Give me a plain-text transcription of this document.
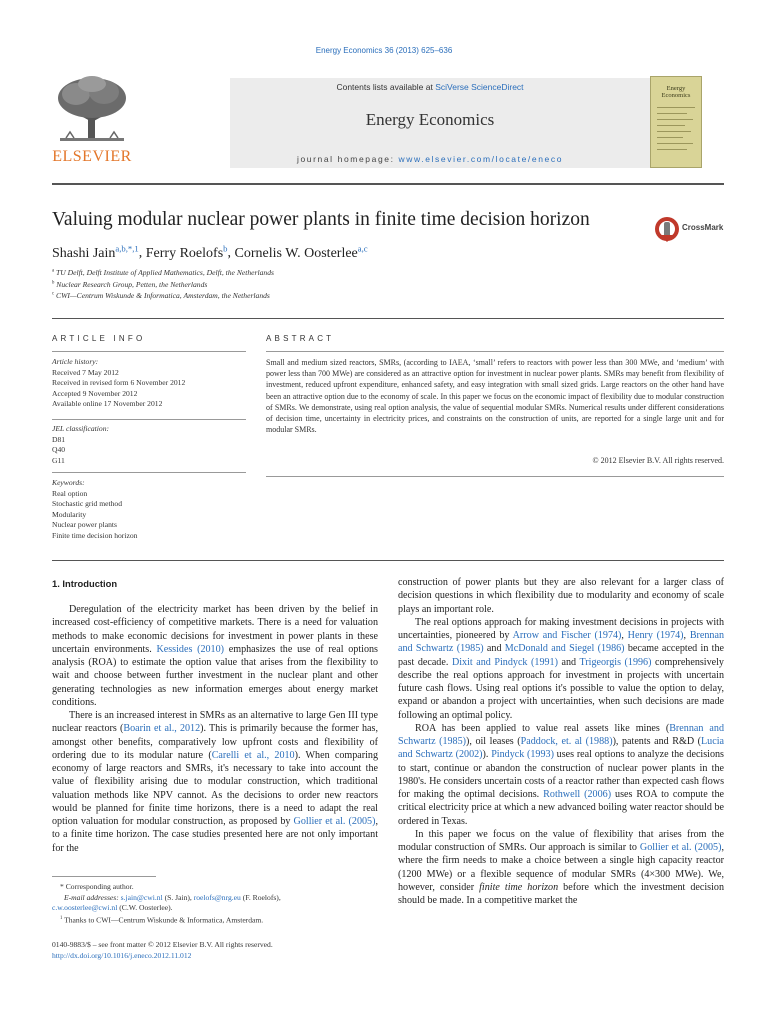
Energy Economics 36 (2013) 625–636
ELSEVIER
Contents lists available at SciVerse ScienceDirect
Energy Economics
journal homepage: www.elsevier.com/locate/eneco
Energy Economics
Valuing modular nuclear power plants in finite time decision horizon	CrossMark
Shashi Jain$^{a,b,*,1}$, Ferry Roelofs$^b$, Cornelis W. Oosterlee$^{a,c}$
$^a$ TU Delft, Delft Institute of Applied Mathematics, Delft, the Netherlands
$^b$ Nuclear Research Group, Petten, the Netherlands
$^c$ CWI—Centrum Wiskunde & Informatica, Amsterdam, the Netherlands
ARTICLE INFO
Article history:
Received 7 May 2012
Received in revised form 6 November 2012
Accepted 9 November 2012
Available online 17 November 2012
JEL classification:
D81
Q40
G11
Keywords:
Real option
Stochastic grid method
Modularity
Nuclear power plants
Finite time decision horizon
ABSTRACT
Small and medium sized reactors, SMRs, (according to IAEA, ‘small’ refers to reactors with power less than 300 MWe, and ‘medium’ with power less than 700 MWe) are considered as an attractive option for investment in nuclear power plants. SMRs may benefit from flexibility of investment, reduced upfront expenditure, enhanced safety, and easy integration with small sized grids. Large reactors on the other hand have been an attractive option due to the economy of scale. In this paper we focus on the economic impact of flexibility due to modular construction of SMRs. We demonstrate, using real option analysis, the value of sequential modular SMRs. Numerical results under different considerations of decision time, uncertainty in electricity prices, and constraints on the construction of units, are reported for a single large unit and for modular SMRs.
© 2012 Elsevier B.V. All rights reserved.
1. Introduction

Deregulation of the electricity market has been driven by the belief in increased cost-efficiency of competitive markets. There is a need for valuation methods to make economic decisions for investment in power plants in these uncertain environments. Kessides (2010) emphasizes the use of real options analysis (ROA) to estimate the option value that arises from the flexibility to wait and choose between further investment in the nuclear plant and other generating technologies as new information emerges about energy market conditions.

There is an increased interest in SMRs as an alternative to large Gen III type nuclear reactors (Boarin et al., 2012). This is primarily because the former has, amongst other benefits, comparatively low upfront costs and flexibility of ordering due to its modular nature (Carelli et al., 2010). When comparing economy of large reactors and SMRs, it's necessary to take into account the value of flexibility arising due to modular construction, which traditional valuation methods like NPV cannot. As the decisions to order new reactors would be planned for finite time horizons, there is a need to adapt the real option valuation for modular construction, as proposed by Gollier et al. (2005), to a finite time horizon. The case studies presented here are not only important for the

construction of power plants but they are also relevant for a larger class of decision questions in which flexibility due to modularity and economy of scale plays an important role.

The real options approach for making investment decisions in projects with uncertainties, pioneered by Arrow and Fischer (1974), Henry (1974), Brennan and Schwartz (1985) and McDonald and Siegel (1986) became accepted in the past decade. Dixit and Pindyck (1991) and Trigeorgis (1996) comprehensively describe the real options approach for investment in projects with uncertain future cash flows. Using real options it's possible to value the option to delay, expand or abandon a project with uncertainties, when such decisions are made following an optimal policy.

ROA has been applied to value real assets like mines (Brennan and Schwartz (1985)), oil leases (Paddock, et. al (1988)), patents and R&D (Lucia and Schwartz (2002)). Pindyck (1993) uses real options to analyze the decisions to start, continue or abandon the construction of nuclear power plants in the 1980's. He considers uncertain costs of a reactor rather than expected cash flows for making the optimal decisions. Rothwell (2006) uses ROA to compute the critical electricity price at which a new advanced boiling water reactor should be ordered in Texas.

In this paper we focus on the value of flexibility that arises from the modular construction of SMRs. Our approach is similar to Gollier et al. (2005), where the firm needs to make a choice between a single high capacity reactor (1200 MWe) or a flexible sequence of modular SMRs (4×300 MWe). We, however, consider finite time horizon before which the investment decision should be made. In a competitive market the

* Corresponding author.
E-mail addresses: s.jain@cwi.nl (S. Jain), roelofs@nrg.eu (F. Roelofs),
c.w.oosterlee@cwi.nl (C.W. Oosterlee).
$^1$ Thanks to CWI—Centrum Wiskunde & Informatica, Amsterdam.
0140-9883/$ – see front matter © 2012 Elsevier B.V. All rights reserved.
http://dx.doi.org/10.1016/j.eneco.2012.11.012
